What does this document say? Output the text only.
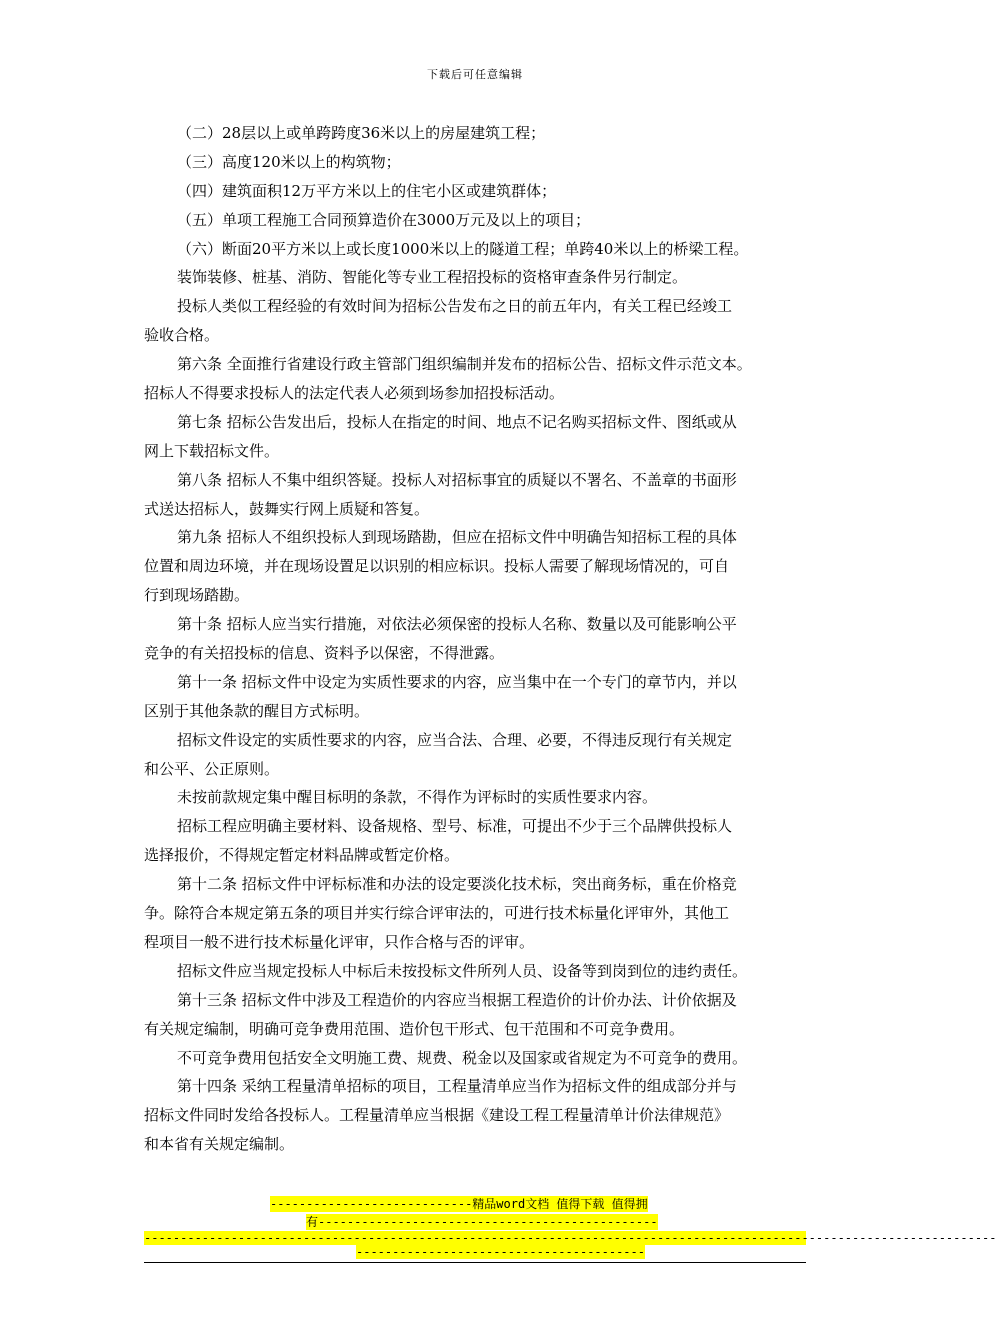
下载后可任意编辑
（二）28层以上或单跨跨度36米以上的房屋建筑工程；
（三）高度120米以上的构筑物；
（四）建筑面积12万平方米以上的住宅小区或建筑群体；
（五）单项工程施工合同预算造价在3000万元及以上的项目；
（六）断面20平方米以上或长度1000米以上的隧道工程；单跨40米以上的桥梁工程。
装饰装修、桩基、消防、智能化等专业工程招投标的资格审查条件另行制定。
投标人类似工程经验的有效时间为招标公告发布之日的前五年内，有关工程已经竣工
验收合格。
第六条 全面推行省建设行政主管部门组织编制并发布的招标公告、招标文件示范文本。
招标人不得要求投标人的法定代表人必须到场参加招投标活动。
第七条 招标公告发出后，投标人在指定的时间、地点不记名购买招标文件、图纸或从
网上下载招标文件。
第八条 招标人不集中组织答疑。投标人对招标事宜的质疑以不署名、不盖章的书面形
式送达招标人，鼓舞实行网上质疑和答复。
第九条 招标人不组织投标人到现场踏勘，但应在招标文件中明确告知招标工程的具体
位置和周边环境，并在现场设置足以识别的相应标识。投标人需要了解现场情况的，可自
行到现场踏勘。
第十条 招标人应当实行措施，对依法必须保密的投标人名称、数量以及可能影响公平
竞争的有关招投标的信息、资料予以保密，不得泄露。
第十一条 招标文件中设定为实质性要求的内容，应当集中在一个专门的章节内，并以
区别于其他条款的醒目方式标明。
招标文件设定的实质性要求的内容，应当合法、合理、必要，不得违反现行有关规定
和公平、公正原则。
未按前款规定集中醒目标明的条款，不得作为评标时的实质性要求内容。
招标工程应明确主要材料、设备规格、型号、标准，可提出不少于三个品牌供投标人
选择报价，不得规定暂定材料品牌或暂定价格。
第十二条 招标文件中评标标准和办法的设定要淡化技术标，突出商务标，重在价格竞
争。除符合本规定第五条的项目并实行综合评审法的，可进行技术标量化评审外，其他工
程项目一般不进行技术标量化评审，只作合格与否的评审。
招标文件应当规定投标人中标后未按投标文件所列人员、设备等到岗到位的违约责任。
第十三条 招标文件中涉及工程造价的内容应当根据工程造价的计价办法、计价依据及
有关规定编制，明确可竞争费用范围、造价包干形式、包干范围和不可竞争费用。
不可竞争费用包括安全文明施工费、规费、税金以及国家或省规定为不可竞争的费用。
第十四条 采纳工程量清单招标的项目，工程量清单应当作为招标文件的组成部分并与
招标文件同时发给各投标人。工程量清单应当根据《建设工程工程量清单计价法律规范》
和本省有关规定编制。
----------------------------精品word文档 值得下载 值得拥
有-----------------------------------------------
----------------------------------------------------------------------------------------------------------------------
----------------------------------------
